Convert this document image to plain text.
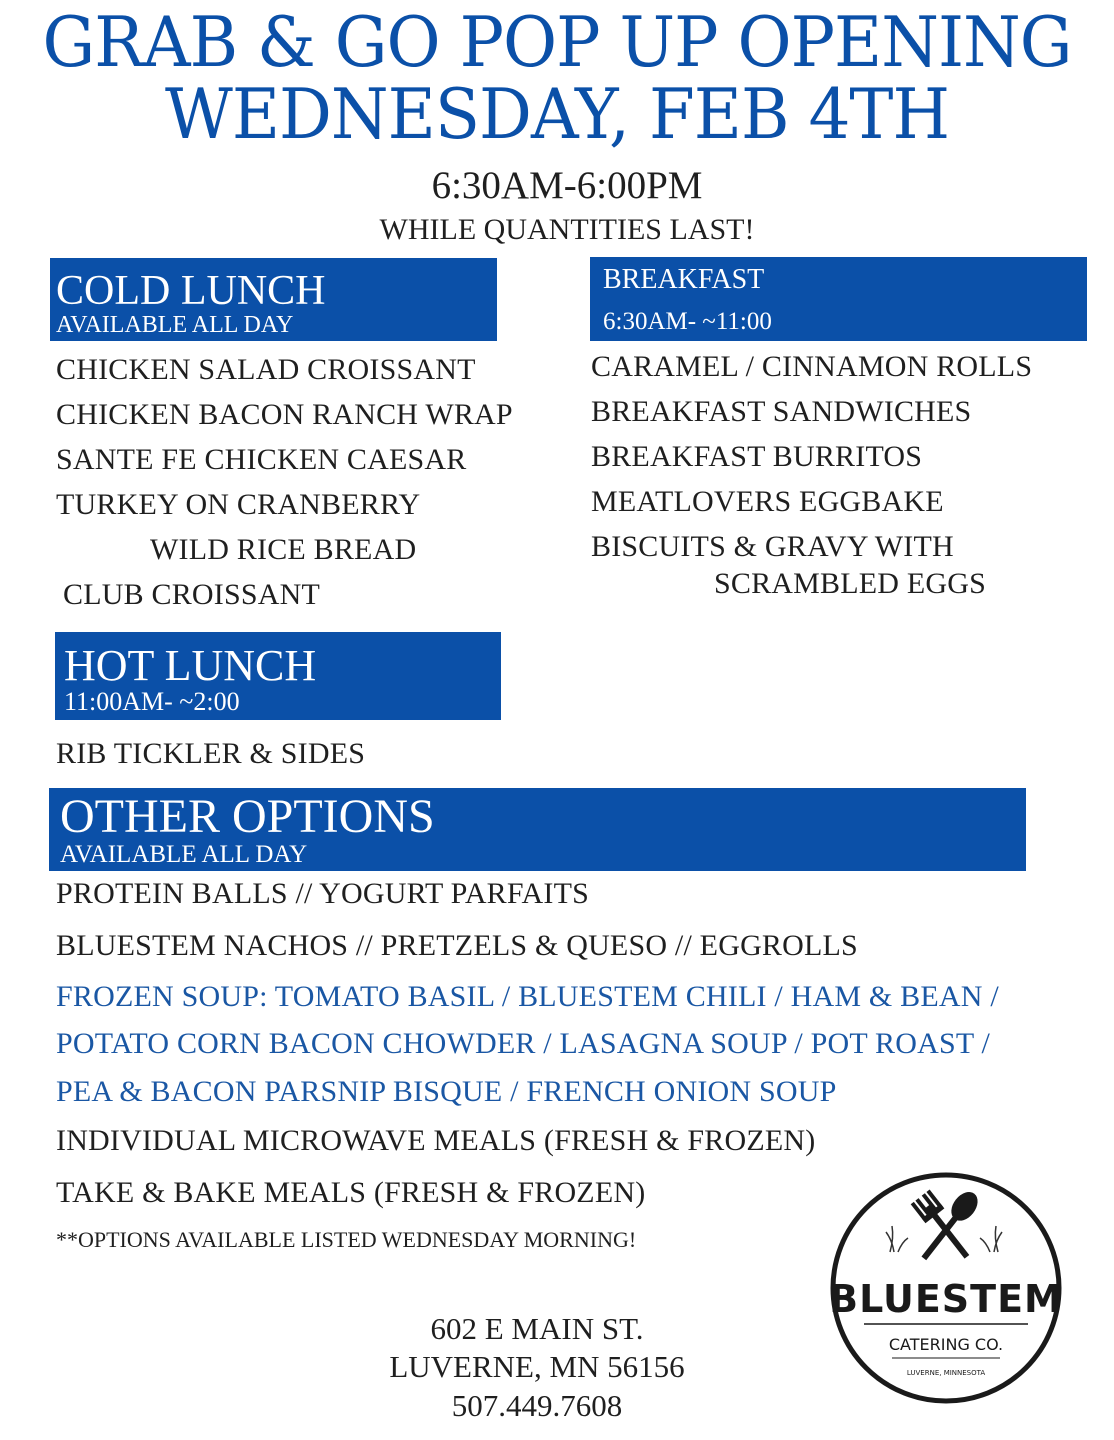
GRAB & GO POP UP OPENING
WEDNESDAY, FEB 4TH
6:30AM-6:00PM
WHILE QUANTITIES LAST!
COLD LUNCH
AVAILABLE ALL DAY
CHICKEN SALAD CROISSANT
CHICKEN BACON RANCH WRAP
SANTE FE CHICKEN CAESAR
TURKEY ON CRANBERRY
WILD RICE BREAD
CLUB CROISSANT
BREAKFAST
6:30AM- ~11:00
CARAMEL / CINNAMON ROLLS
BREAKFAST SANDWICHES
BREAKFAST BURRITOS
MEATLOVERS EGGBAKE
BISCUITS & GRAVY WITH
SCRAMBLED EGGS
HOT LUNCH
11:00AM- ~2:00
RIB TICKLER & SIDES
OTHER OPTIONS
AVAILABLE ALL DAY
PROTEIN BALLS // YOGURT PARFAITS
BLUESTEM NACHOS // PRETZELS & QUESO // EGGROLLS
FROZEN SOUP: TOMATO BASIL / BLUESTEM CHILI / HAM & BEAN /
POTATO CORN BACON CHOWDER / LASAGNA SOUP / POT ROAST /
PEA & BACON PARSNIP BISQUE / FRENCH ONION SOUP
INDIVIDUAL MICROWAVE MEALS (FRESH & FROZEN)
TAKE & BAKE MEALS (FRESH & FROZEN)
**OPTIONS AVAILABLE LISTED WEDNESDAY MORNING!
602 E MAIN ST.
LUVERNE, MN 56156
507.449.7608
BLUESTEM
CATERING CO.
LUVERNE, MINNESOTA
